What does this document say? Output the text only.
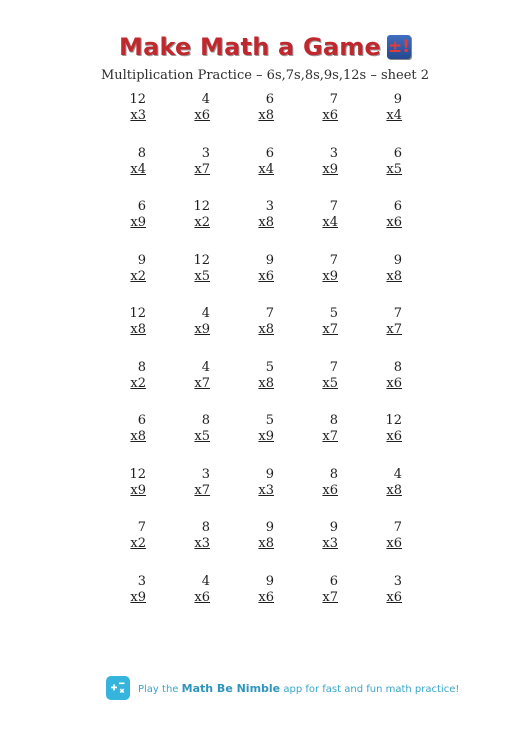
Make Math a Game ±!
Multiplication Practice – 6s,7s,8s,9s,12s – sheet 2
12
x3
4
x6
6
x8
7
x6
9
x4
8
x4
3
x7
6
x4
3
x9
6
x5
6
x9
12
x2
3
x8
7
x4
6
x6
9
x2
12
x5
9
x6
7
x9
9
x8
12
x8
4
x9
7
x8
5
x7
7
x7
8
x2
4
x7
5
x8
7
x5
8
x6
6
x8
8
x5
5
x9
8
x7
12
x6
12
x9
3
x7
9
x3
8
x6
4
x8
7
x2
8
x3
9
x8
9
x3
7
x6
3
x9
4
x6
9
x6
6
x7
3
x6
Play the Math Be Nimble app for fast and fun math practice!
